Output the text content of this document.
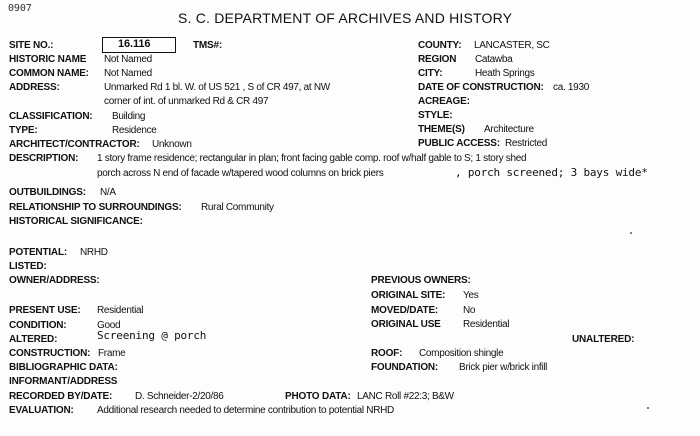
0907
S. C. DEPARTMENT OF ARCHIVES AND HISTORY
SITE NO.:	16.116	TMS#:	COUNTY: LANCASTER, SC
HISTORIC NAME Not Named	REGION Catawba
COMMON NAME: Not Named	CITY:	Heath Springs
ADDRESS:	Unmarked Rd 1 bl. W. of US 521 , S of CR 497, at NW
corner of int. of unmarked Rd & CR 497
DATE OF CONSTRUCTION: ca. 1930
ACREAGE:
STYLE:
CLASSIFICATION: Building
THEME(S) Architecture
TYPE:	Residence
PUBLIC ACCESS: Restricted
ARCHITECT/CONTRACTOR: Unknown
DESCRIPTION: 1 story frame residence; rectangular in plan; front facing gable comp. roof w/half gable to S; 1 story shed
porch across N end of facade w/tapered wood columns on brick piers	, porch screened; 3 bays wide*
OUTBUILDINGS: N/A
RELATIONSHIP TO SURROUNDINGS: Rural Community
HISTORICAL SIGNIFICANCE:
POTENTIAL: NRHD
LISTED:
OWNER/ADDRESS:	PREVIOUS OWNERS:
ORIGINAL SITE: Yes
PRESENT USE: Residential	MOVED/DATE: No
CONDITION:	Good	ORIGINAL USE Residential
ALTERED:	Screening @ porch	UNALTERED:
CONSTRUCTION: Frame	ROOF: Composition shingle
BIBLIOGRAPHIC DATA:	FOUNDATION: Brick pier w/brick infill
INFORMANT/ADDRESS
RECORDED BY/DATE: D. Schneider-2/20/86	PHOTO DATA: LANC Roll #22:3; B&W
EVALUATION: Additional research needed to determine contribution to potential NRHD
